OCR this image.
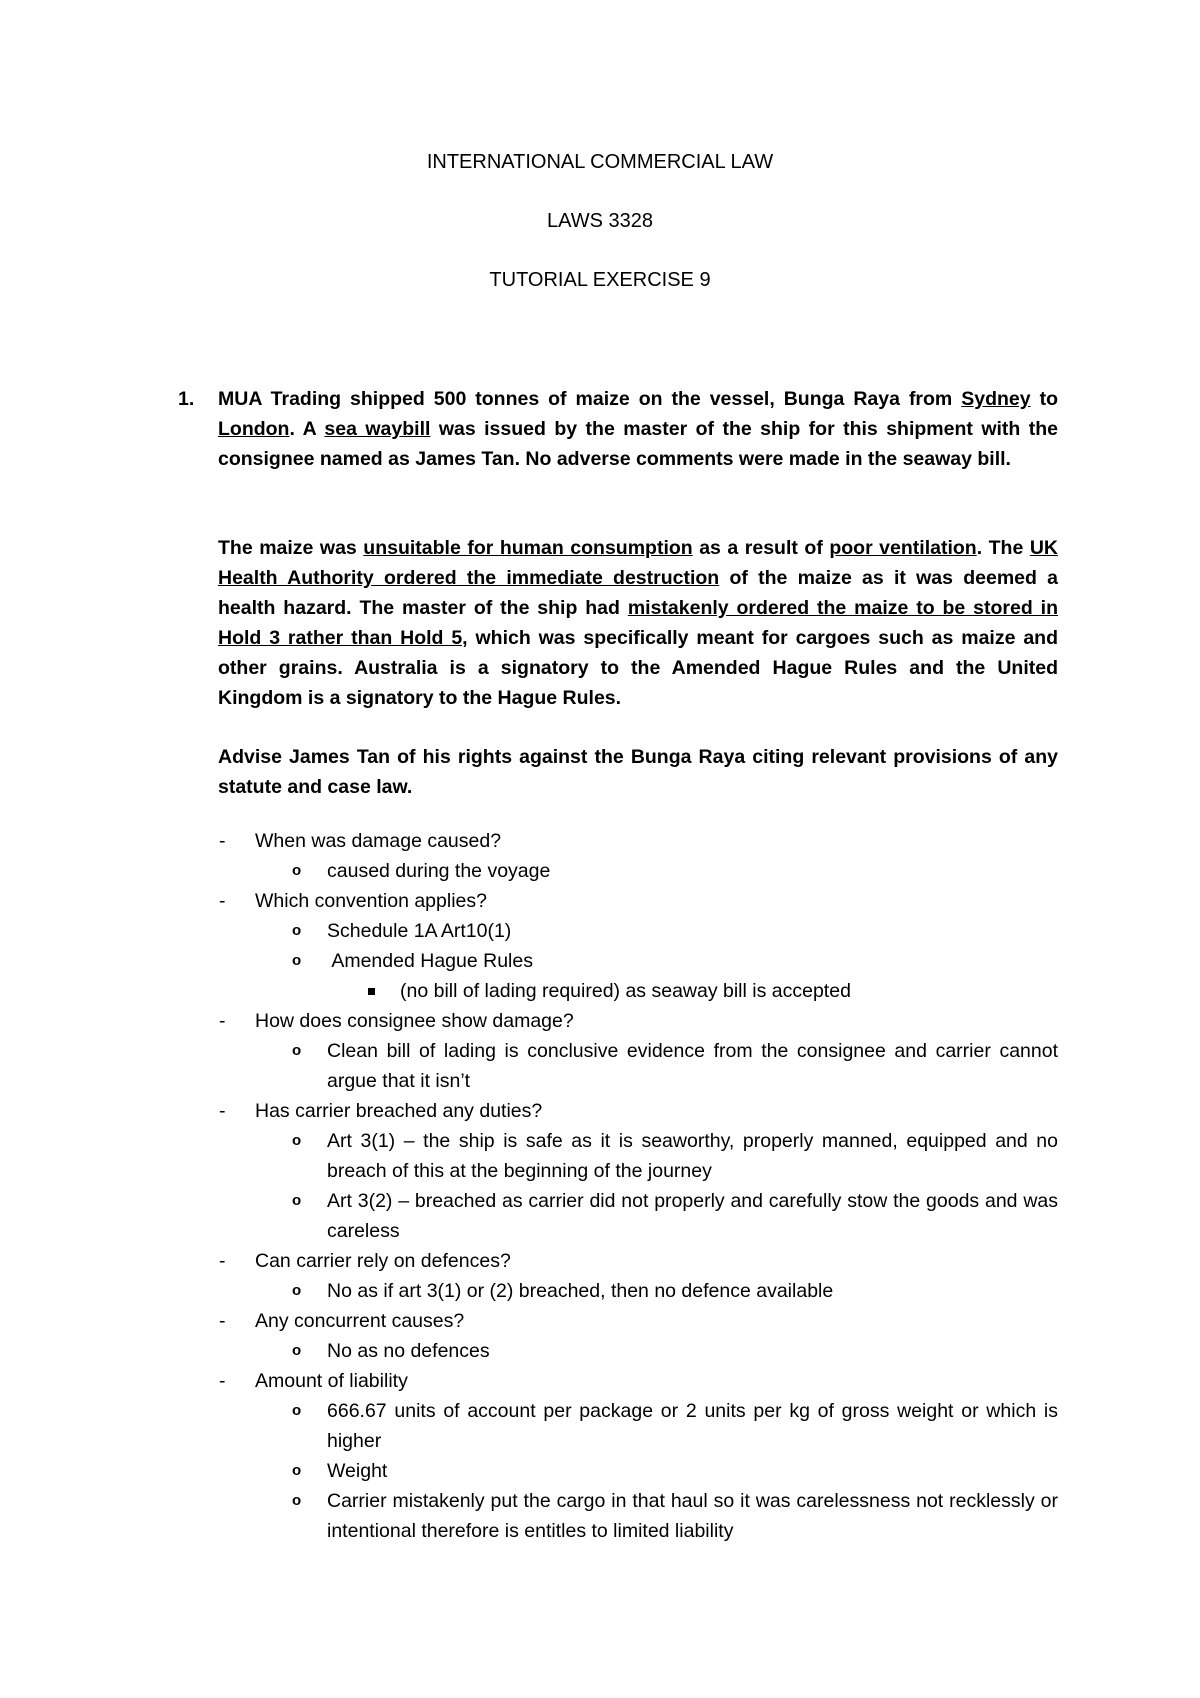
INTERNATIONAL COMMERCIAL LAW
LAWS 3328
TUTORIAL EXERCISE 9
1. MUA Trading shipped 500 tonnes of maize on the vessel, Bunga Raya from Sydney to London. A sea waybill was issued by the master of the ship for this shipment with the consignee named as James Tan. No adverse comments were made in the seaway bill.
The maize was unsuitable for human consumption as a result of poor ventilation. The UK Health Authority ordered the immediate destruction of the maize as it was deemed a health hazard. The master of the ship had mistakenly ordered the maize to be stored in Hold 3 rather than Hold 5, which was specifically meant for cargoes such as maize and other grains. Australia is a signatory to the Amended Hague Rules and the United Kingdom is a signatory to the Hague Rules.
Advise James Tan of his rights against the Bunga Raya citing relevant provisions of any statute and case law.
- When was damage caused?
o caused during the voyage
- Which convention applies?
o Schedule 1A Art10(1)
o Amended Hague Rules
(no bill of lading required) as seaway bill is accepted
- How does consignee show damage?
o Clean bill of lading is conclusive evidence from the consignee and carrier cannot argue that it isn’t
- Has carrier breached any duties?
o Art 3(1) – the ship is safe as it is seaworthy, properly manned, equipped and no breach of this at the beginning of the journey
o Art 3(2) – breached as carrier did not properly and carefully stow the goods and was careless
- Can carrier rely on defences?
o No as if art 3(1) or (2) breached, then no defence available
- Any concurrent causes?
o No as no defences
- Amount of liability
o 666.67 units of account per package or 2 units per kg of gross weight or which is higher
o Weight
o Carrier mistakenly put the cargo in that haul so it was carelessness not recklessly or intentional therefore is entitles to limited liability
